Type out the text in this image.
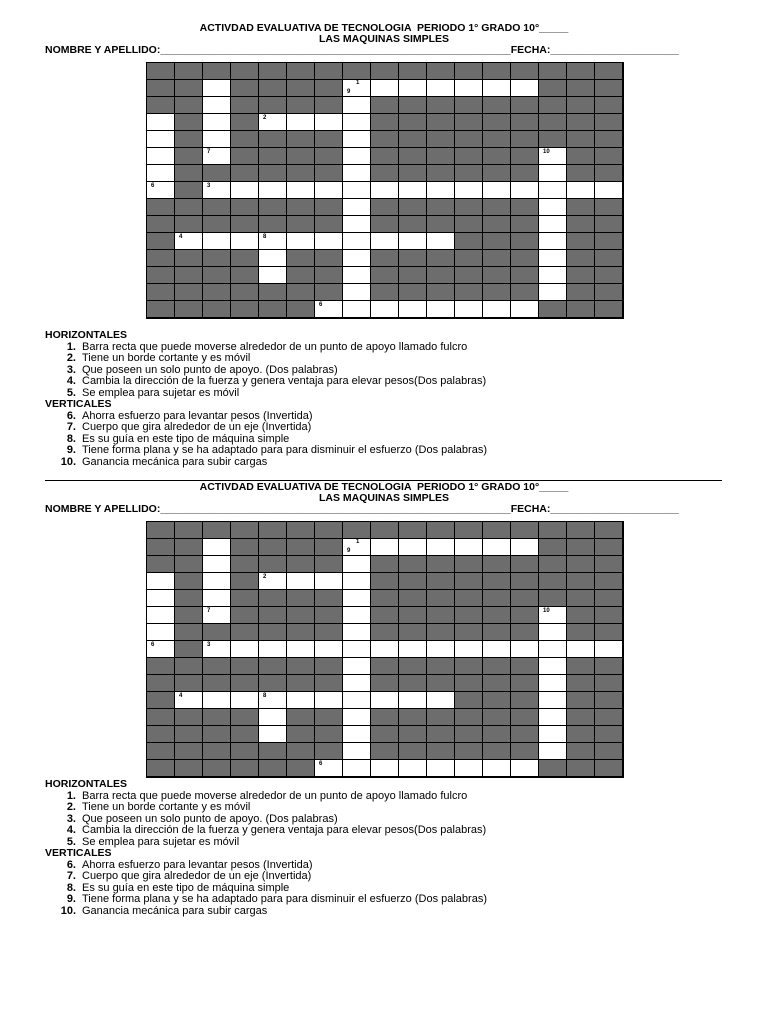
ACTIVDAD EVALUATIVA DE TECNOLOGIA  PERIODO 1° GRADO 10°_____
LAS MAQUINAS SIMPLES
NOMBRE Y APELLIDO:____________________________________________________________FECHA:______________________
1
9
2
7	10
6	3
4	8
6
HORIZONTALES
1. Barra recta que puede moverse alrededor de un punto de apoyo llamado fulcro
2. Tiene un borde cortante y es móvil
3. Que poseen un solo punto de apoyo. (Dos palabras)
4. Cambia la dirección de la fuerza y genera ventaja para elevar pesos(Dos palabras)
5. Se emplea para sujetar es móvil
VERTICALES
6. Ahorra esfuerzo para levantar pesos (Invertida)
7. Cuerpo que gira alrededor de un eje (Invertida)
8. Es su guía en este tipo de máquina simple
9. Tiene forma plana y se ha adaptado para para disminuir el esfuerzo (Dos palabras)
10. Ganancia mecánica para subir cargas
ACTIVDAD EVALUATIVA DE TECNOLOGIA  PERIODO 1° GRADO 10°_____
LAS MAQUINAS SIMPLES
NOMBRE Y APELLIDO:____________________________________________________________FECHA:______________________
1
9
2
7	10
6	3
4	8
6
HORIZONTALES
1. Barra recta que puede moverse alrededor de un punto de apoyo llamado fulcro
2. Tiene un borde cortante y es móvil
3. Que poseen un solo punto de apoyo. (Dos palabras)
4. Cambia la dirección de la fuerza y genera ventaja para elevar pesos(Dos palabras)
5. Se emplea para sujetar es móvil
VERTICALES
6. Ahorra esfuerzo para levantar pesos (Invertida)
7. Cuerpo que gira alrededor de un eje (Invertida)
8. Es su guía en este tipo de máquina simple
9. Tiene forma plana y se ha adaptado para para disminuir el esfuerzo (Dos palabras)
10. Ganancia mecánica para subir cargas
